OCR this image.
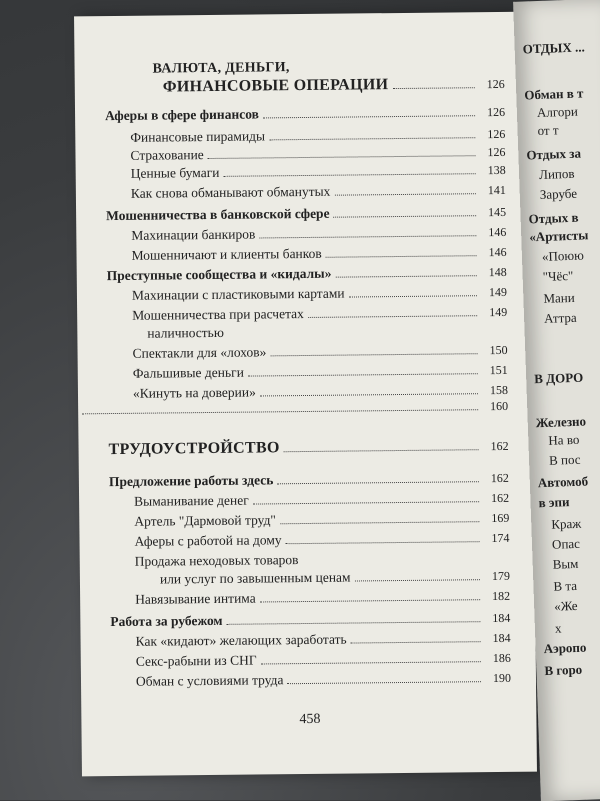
ВАЛЮТА, ДЕНЬГИ,
ФИНАНСОВЫЕ ОПЕРАЦИИ	126
Аферы в сфере финансов	126
Финансовые пирамиды	126
Страхование	126
Ценные бумаги	138
Как снова обманывают обманутых	141
Мошенничества в банковской сфере	145
Махинации банкиров	146
Мошенничают и клиенты банков	146
Преступные сообщества и «кидалы»	148
Махинации с пластиковыми картами	149
Мошенничества при расчетах	149
наличностью
Спектакли для «лохов»	150
Фальшивые деньги	151
«Кинуть на доверии»	158
160
ТРУДОУСТРОЙСТВО	162
Предложение работы здесь	162
Выманивание денег	162
Артель "Дармовой труд"	169
Аферы с работой на дому	174
Продажа неходовых товаров
или услуг по завышенным ценам	179
Навязывание интима	182
Работа за рубежом	184
Как «кидают» желающих заработать	184
Секс-рабыни из СНГ	186
Обман с условиями труда	190
458
ОТДЫХ ...
Обман в т
Алгори
от т
Отдых за
Липов
Зарубе
Отдых в
«Артисты
«Поюю
"Чёс"
Мани
Аттра
В ДОРО
Железно
На во
В пос
Автомоб
в эпи
Краж
Опас
Вым
В та
«Же
х
Аэропо
В горо
